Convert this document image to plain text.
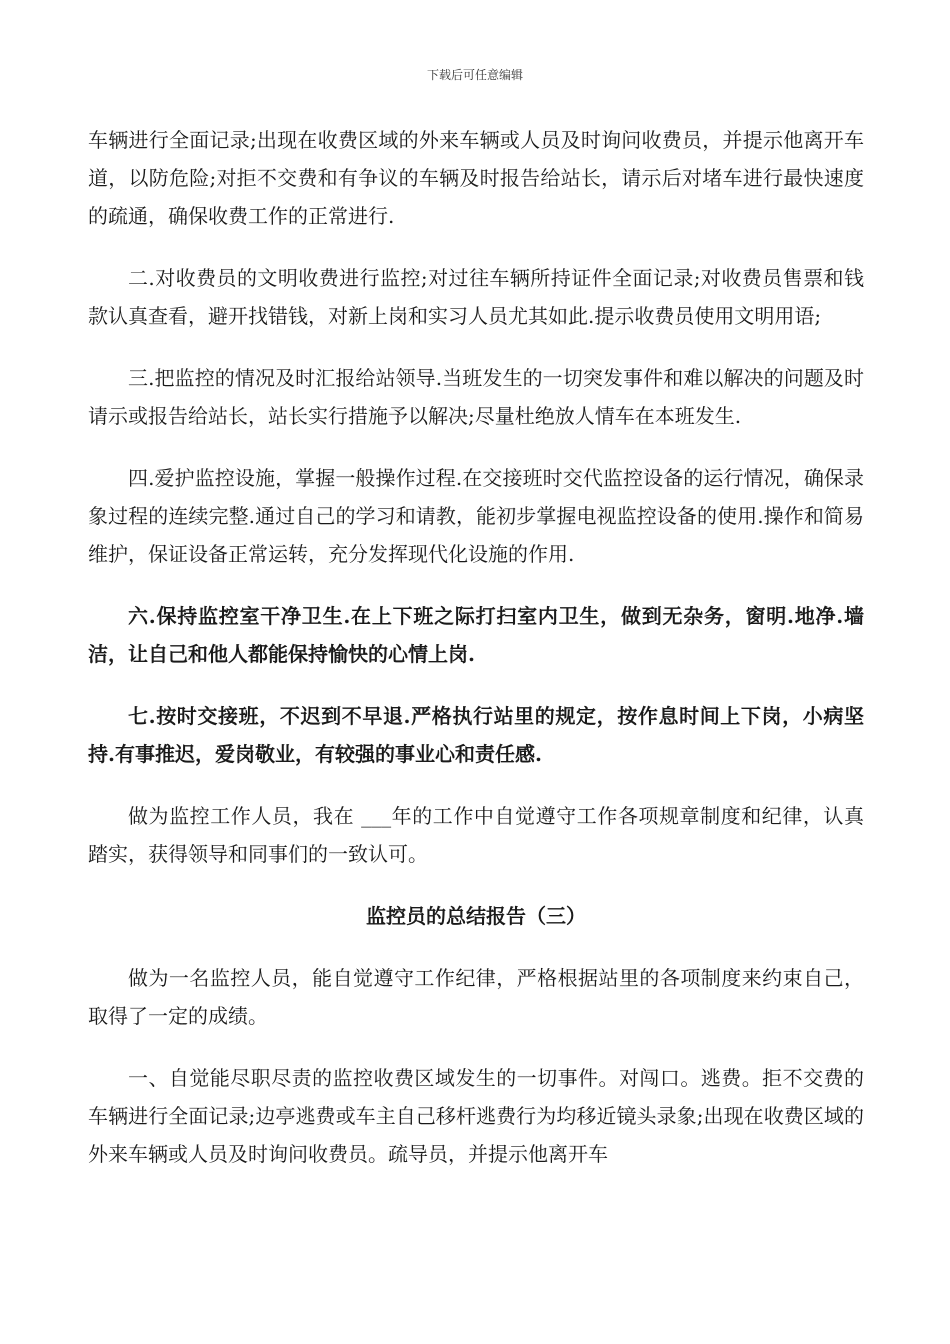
下载后可任意编辑

车辆进行全面记录;出现在收费区域的外来车辆或人员及时询问收费员，并提示他离开车道，以防危险;对拒不交费和有争议的车辆及时报告给站长，请示后对堵车进行最快速度的疏通，确保收费工作的正常进行.

二.对收费员的文明收费进行监控;对过往车辆所持证件全面记录;对收费员售票和钱款认真查看，避开找错钱，对新上岗和实习人员尤其如此.提示收费员使用文明用语;

三.把监控的情况及时汇报给站领导.当班发生的一切突发事件和难以解决的问题及时请示或报告给站长，站长实行措施予以解决;尽量杜绝放人情车在本班发生.

四.爱护监控设施，掌握一般操作过程.在交接班时交代监控设备的运行情况，确保录象过程的连续完整.通过自己的学习和请教，能初步掌握电视监控设备的使用.操作和简易维护，保证设备正常运转，充分发挥现代化设施的作用.

六.保持监控室干净卫生.在上下班之际打扫室内卫生，做到无杂务，窗明.地净.墙洁，让自己和他人都能保持愉快的心情上岗.

七.按时交接班，不迟到不早退.严格执行站里的规定，按作息时间上下岗，小病坚持.有事推迟，爱岗敬业，有较强的事业心和责任感.

做为监控工作人员，我在 ___年的工作中自觉遵守工作各项规章制度和纪律，认真踏实，获得领导和同事们的一致认可。

监控员的总结报告（三）

做为一名监控人员，能自觉遵守工作纪律，严格根据站里的各项制度来约束自己，取得了一定的成绩。

一、自觉能尽职尽责的监控收费区域发生的一切事件。对闯口。逃费。拒不交费的车辆进行全面记录;边亭逃费或车主自己移杆逃费行为均移近镜头录象;出现在收费区域的外来车辆或人员及时询问收费员。疏导员，并提示他离开车
